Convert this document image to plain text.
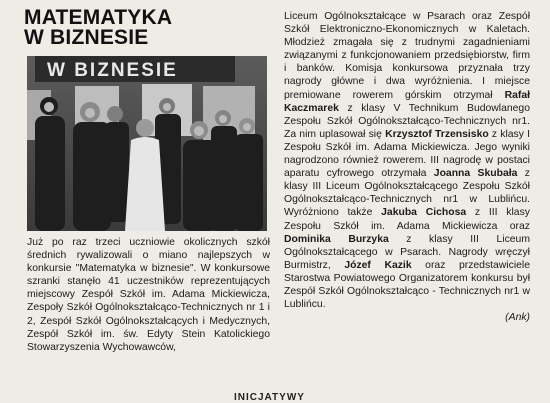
MATEMATYKA
W BIZNESIE
W BIZNESIE

Już po raz trzeci uczniowie okolicznych szkół średnich rywalizowali o miano najlepszych w konkursie "Matematyka w biznesie". W konkursowe szranki stanęło 41 uczestników reprezentujących miejscowy Zespół Szkół im. Adama Mickiewicza, Zespoły Szkół Ogólnokształcąco-Technicznych nr 1 i 2, Zespół Szkół Ogólnokształcących i Medycznych, Zespół Szkół im. św. Edyty Stein Katolickiego Stowarzyszenia Wychowawców,

Liceum Ogólnokształcące w Psarach oraz Zespół Szkół Elektroniczno-Ekonomicznych w Kaletach. Młodzież zmagała się z trudnymi zagadnieniami związanymi z funkcjonowaniem przedsiębiorstw, firm i banków. Komisja konkursowa przyznała trzy nagrody główne i dwa wyróżnienia. I miejsce premiowane rowerem górskim otrzymał Rafał Kaczmarek z klasy V Technikum Budowlanego Zespołu Szkół Ogólnokształcąco-Technicznych nr1. Za nim uplasował się Krzysztof Trzensisko z klasy I Zespołu Szkół im. Adama Mickiewicza. Jego wyniki nagrodzono również rowerem. III nagrodę w postaci aparatu cyfrowego otrzymała Joanna Skubała z klasy III Liceum Ogólnokształcącego Zespołu Szkół Ogólnokształcąco-Technicznych nr1 w Lublińcu. Wyróżniono także Jakuba Cichosa z III klasy Zespołu Szkół im. Adama Mickiewicza oraz Dominika Burzyka z klasy III Liceum Ogólnokształcącego w Psarach. Nagrody wręczył Burmistrz, Józef Kazik oraz przedstawiciele Starostwa Powiatowego Organizatorem konkursu był Zespół Szkół Ogólnokształcąco - Technicznych nr1 w Lublińcu.
(Ank)

INICJATYWY
